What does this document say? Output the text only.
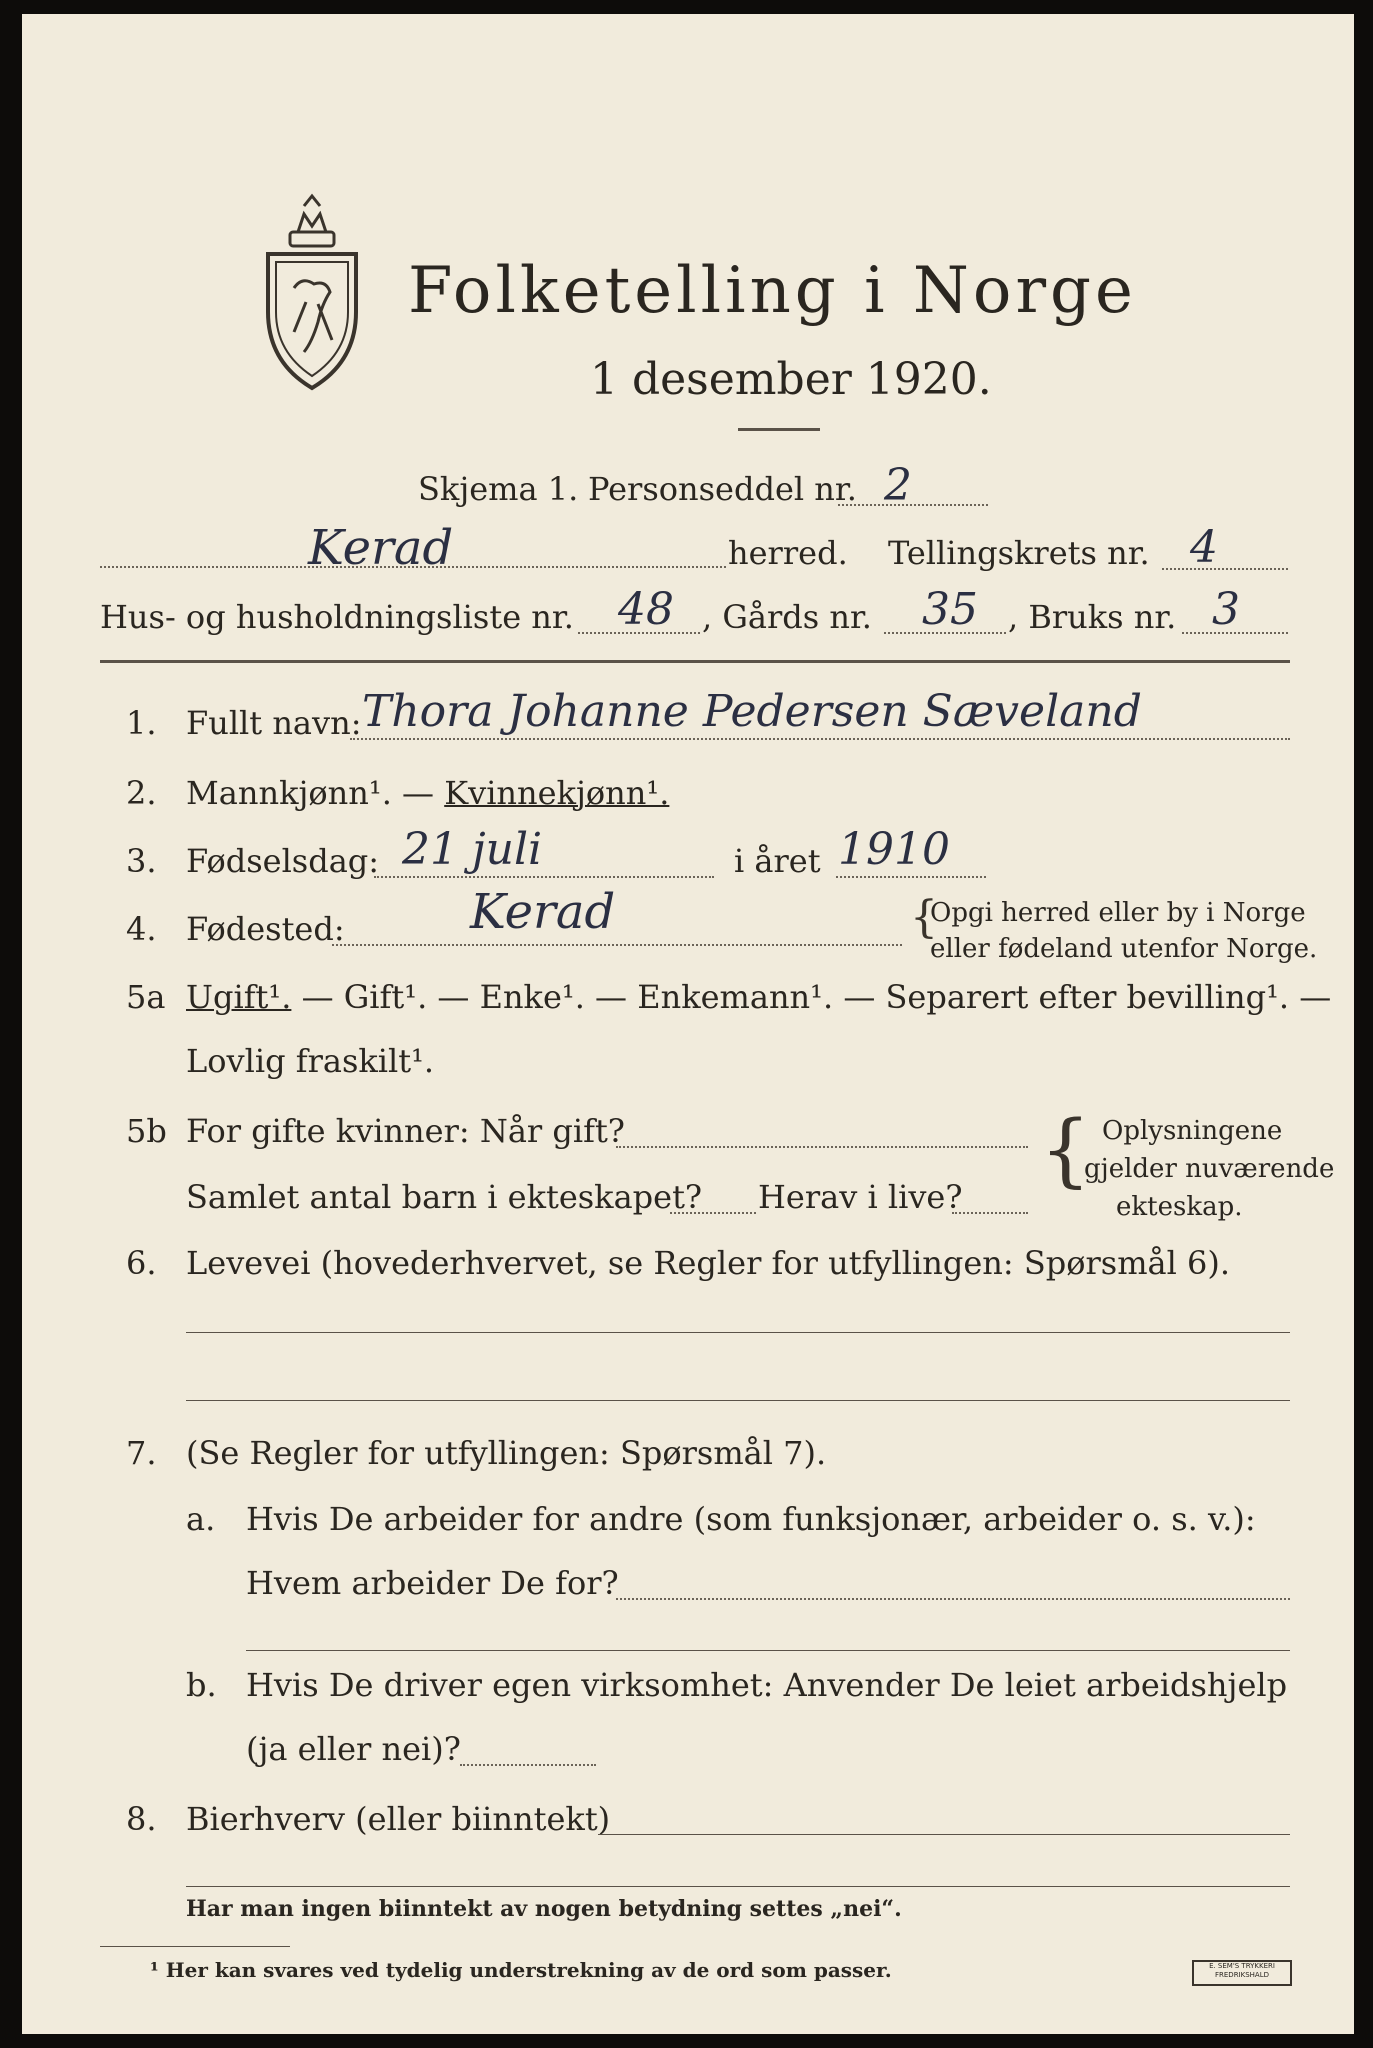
Folketelling i Norge
1 desember 1920.
Skjema 1. Personseddel nr. 2
Kerad	herred. Tellingskrets nr. 4
Hus- og husholdningsliste nr. 48 , Gårds nr. 35 , Bruks nr. 3
1. Fullt navn: Thora Johanne Pedersen Sæveland
2. Mannkjønn¹. — Kvinnekjønn¹.
3. Fødselsdag: 21 juli	i året 1910
4. Fødested:	Kerad	{
Opgi herred eller by i Norge
eller fødeland utenfor Norge.
5a Ugift¹. — Gift¹. — Enke¹. — Enkemann¹. — Separert efter bevilling¹. —
Lovlig fraskilt¹.
5b For gifte kvinner: Når gift?
Samlet antal barn i ekteskapet? Herav i live?
{ Oplysningene
gjelder nuværende
ekteskap.
6. Levevei (hovederhvervet, se Regler for utfyllingen: Spørsmål 6).
7. (Se Regler for utfyllingen: Spørsmål 7).
a. Hvis De arbeider for andre (som funksjonær, arbeider o. s. v.):
Hvem arbeider De for?
b. Hvis De driver egen virksomhet: Anvender De leiet arbeidshjelp
(ja eller nei)?
8. Bierhverv (eller biinntekt)
Har man ingen biinntekt av nogen betydning settes „nei“.
¹ Her kan svares ved tydelig understrekning av de ord som passer.	E. SEM'S TRYKKERI FREDRIKSHALD
